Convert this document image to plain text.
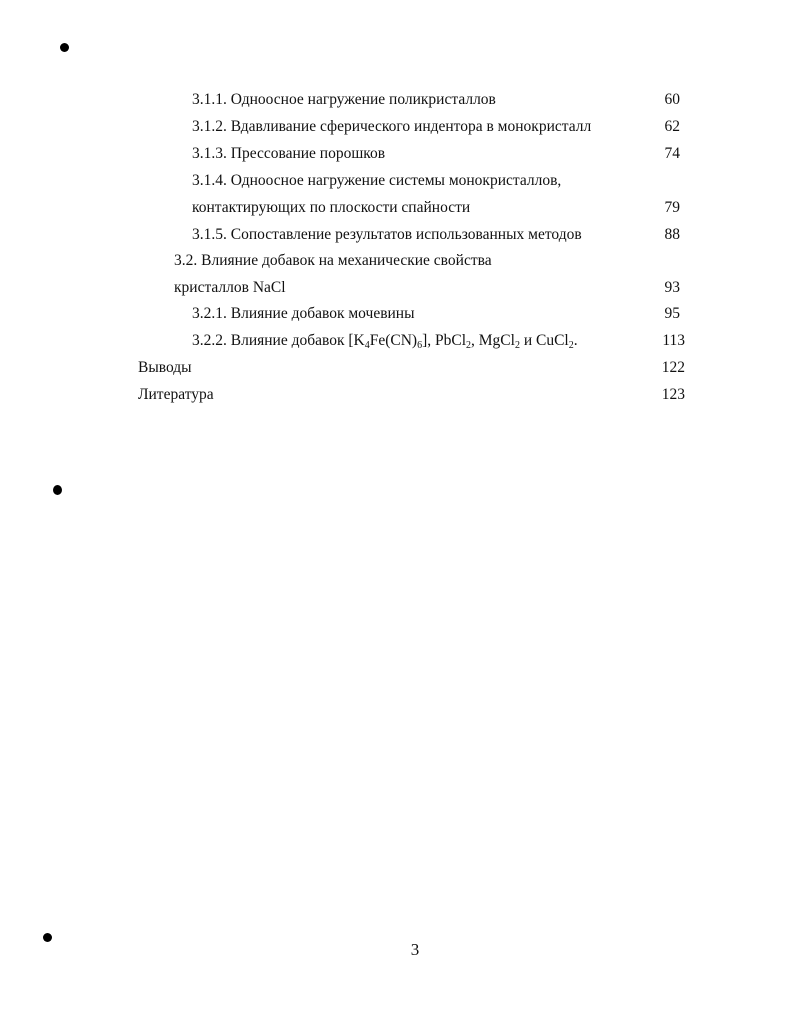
3.1.1. Одноосное нагружение поликристаллов	60
3.1.2. Вдавливание сферического индентора в монокристалл	62
3.1.3. Прессование порошков	74
3.1.4. Одноосное нагружение системы монокристаллов,
контактирующих по плоскости спайности	79
3.1.5. Сопоставление результатов использованных методов	88
3.2. Влияние добавок на механические свойства
кристаллов NaCl	93
3.2.1. Влияние добавок мочевины	95
3.2.2. Влияние добавок $[K_4Fe(CN)_6]$, PbCl$_2$, MgCl$_2$ и CuCl$_2$.	113
Выводы	122
Литература	123
3
